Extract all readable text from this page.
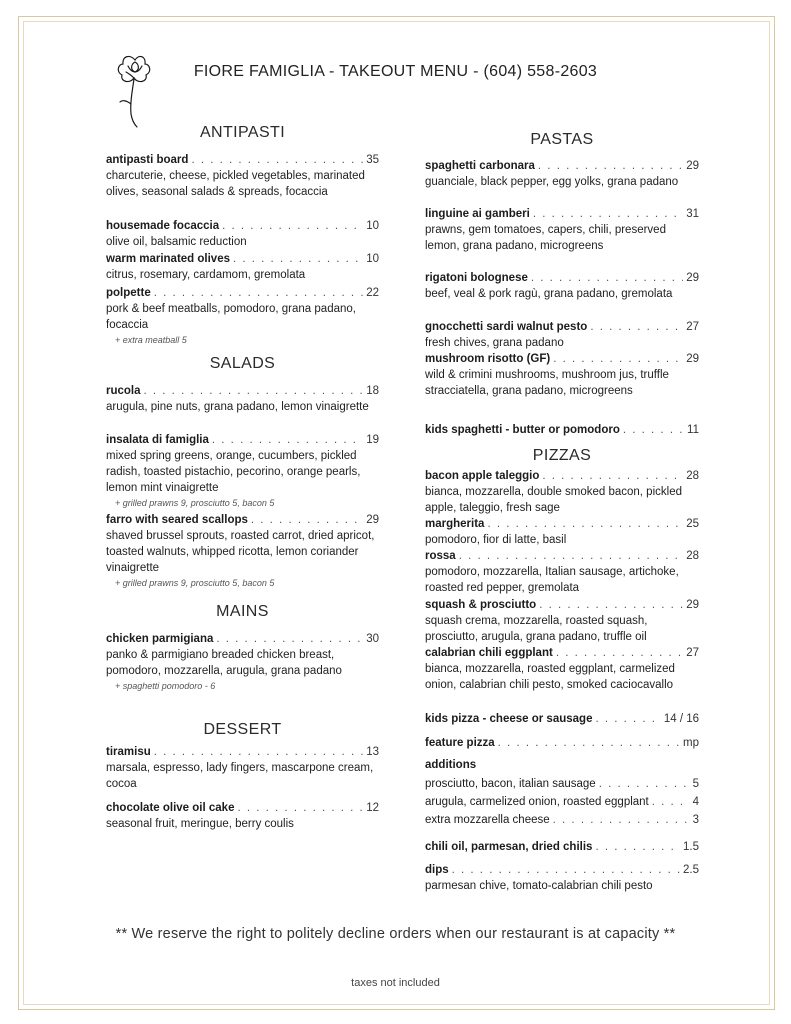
FIORE FAMIGLIA - TAKEOUT MENU - (604) 558-2603
ANTIPASTI
antipasti board . . .	35
charcuterie, cheese, pickled vegetables, marinated olives, seasonal salads & spreads, focaccia
housemade focaccia . . .	10
olive oil, balsamic reduction
warm marinated olives . . .	10
citrus, rosemary, cardamom, gremolata
polpette . . .	22
pork & beef meatballs, pomodoro, grana padano, focaccia
+ extra meatball 5
SALADS
rucola . . .	18
arugula, pine nuts, grana padano, lemon vinaigrette
insalata di famiglia . . .	19
mixed spring greens, orange, cucumbers, pickled radish, toasted pistachio, pecorino, orange pearls, lemon mint vinaigrette
+ grilled prawns 9, prosciutto 5, bacon 5
farro with seared scallops . . .	29
shaved brussel sprouts, roasted carrot, dried apricot, toasted walnuts, whipped ricotta, lemon coriander vinaigrette
+ grilled prawns 9, prosciutto 5, bacon 5
MAINS
chicken parmigiana . . .	30
panko & parmigiano breaded chicken breast, pomodoro, mozzarella, arugula, grana padano
+ spaghetti pomodoro - 6
DESSERT
tiramisu . . .	13
marsala, espresso, lady fingers, mascarpone cream, cocoa
chocolate olive oil cake . . .	12
seasonal fruit, meringue, berry coulis
PASTAS
spaghetti carbonara . . .	29
guanciale, black pepper, egg yolks, grana padano
linguine ai gamberi . . .	31
prawns, gem tomatoes, capers, chili, preserved lemon, grana padano, microgreens
rigatoni bolognese . . .	29
beef, veal & pork ragù, grana padano, gremolata
gnocchetti sardi walnut pesto . . .	27
fresh chives, grana padano
mushroom risotto (GF) . . .	29
wild & crimini mushrooms, mushroom jus, truffle stracciatella, grana padano, microgreens
kids spaghetti - butter or pomodoro . . .	11
PIZZAS
bacon apple taleggio . . .	28
bianca, mozzarella, double smoked bacon, pickled apple, taleggio, fresh sage
margherita . . .	25
pomodoro, fior di latte, basil
rossa . . .	28
pomodoro, mozzarella, Italian sausage, artichoke, roasted red pepper, gremolata
squash & prosciutto . . .	29
squash crema, mozzarella, roasted squash, prosciutto, arugula, grana padano, truffle oil
calabrian chili eggplant . . .	27
bianca, mozzarella, roasted eggplant, carmelized onion, calabrian chili pesto, smoked caciocavallo
kids pizza - cheese or sausage . . .	14 / 16
feature pizza . . .	mp
additions
prosciutto, bacon, italian sausage . . .	5
arugula, carmelized onion, roasted eggplant . . .	4
extra mozzarella cheese . . .	3
chili oil, parmesan, dried chilis . . .	1.5
dips . . .	2.5
parmesan chive, tomato-calabrian chili pesto
** We reserve the right to politely decline orders when our restaurant is at capacity **
taxes not included
